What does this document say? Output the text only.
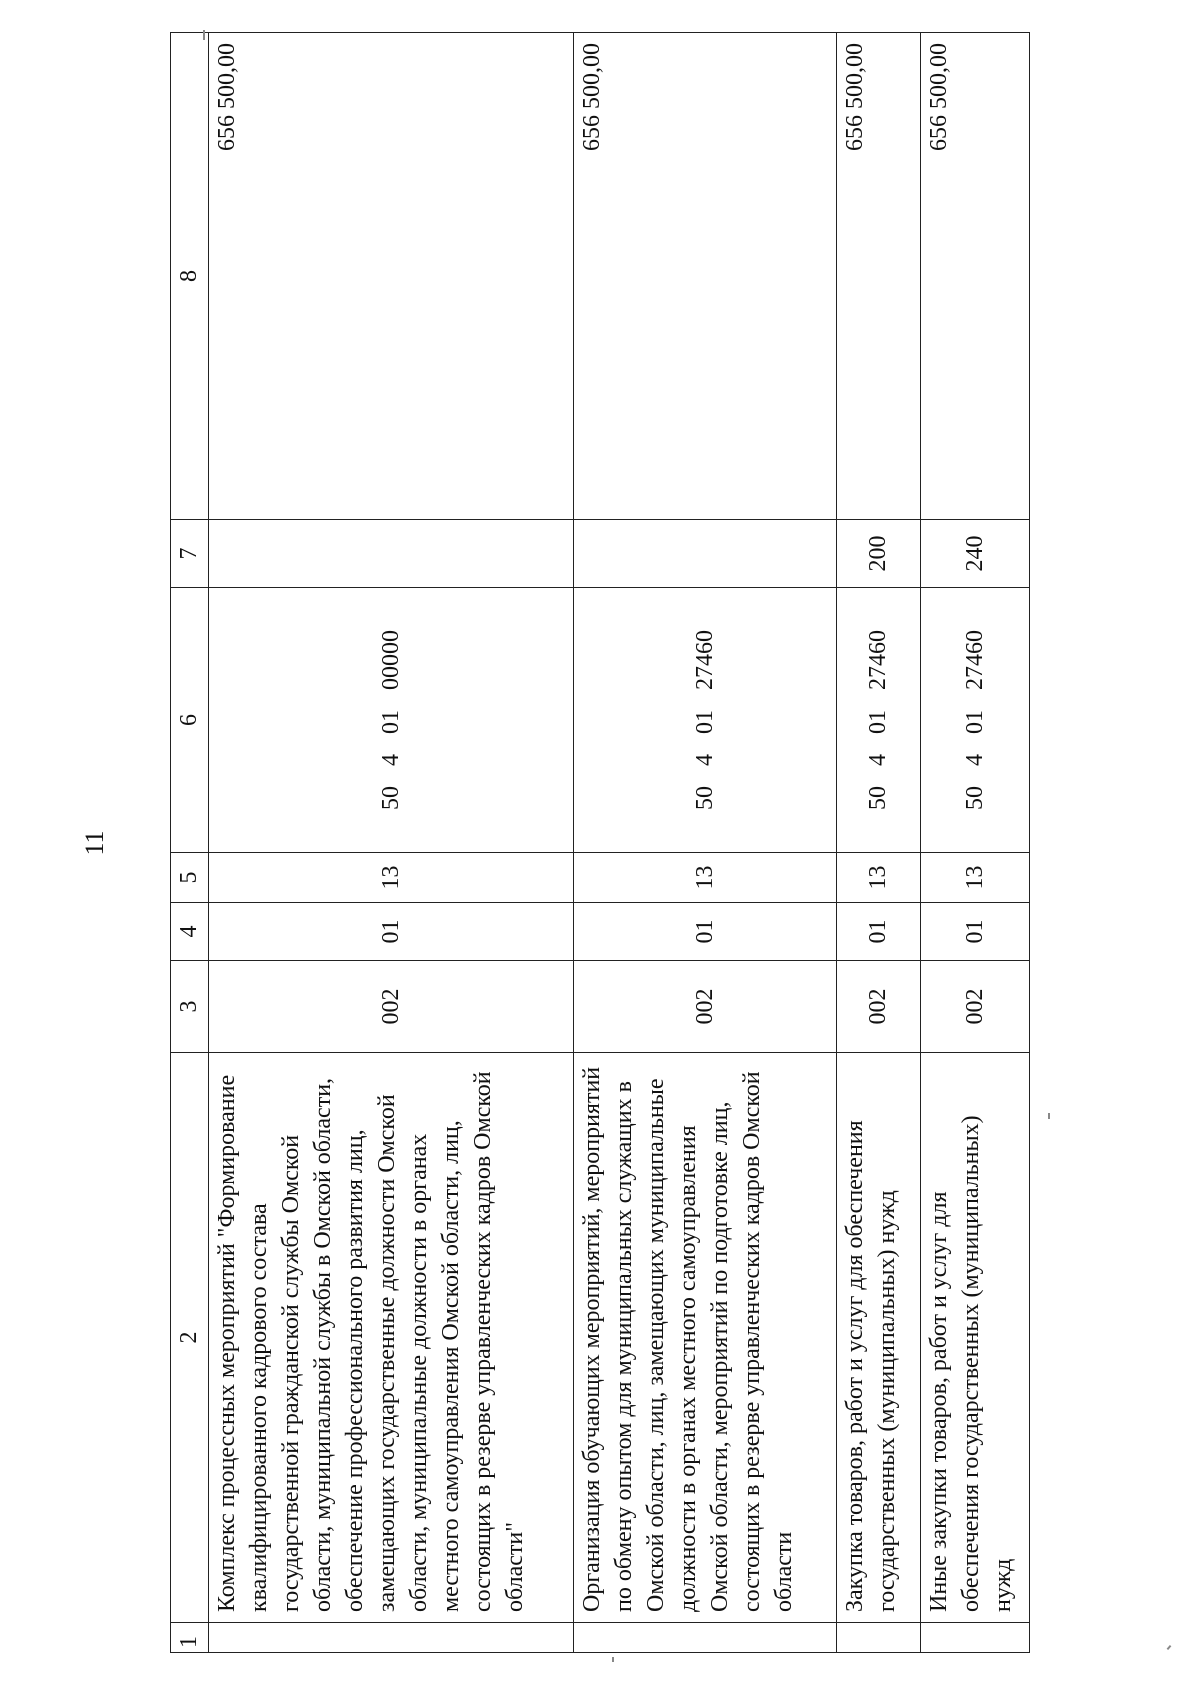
11
1	2	3	4	5	6	7	8
	Комплекс процессных мероприятий "Формирование квалифицированного кадрового состава государственной гражданской службы Омской области, муниципальной службы в Омской области, обеспечение профессионального развития лиц, замещающих государственные должности Омской области, муниципальные должности в органах местного самоуправления Омской области, лиц, состоящих в резерве управленческих кадров Омской области"	002	01	13	50 4 01 00000		656 500,00
	Организация обучающих мероприятий, мероприятий по обмену опытом для муниципальных служащих в Омской области, лиц, замещающих муниципальные должности в органах местного самоуправления Омской области, мероприятий по подготовке лиц, состоящих в резерве управленческих кадров Омской области	002	01	13	50 4 01 27460		656 500,00
	Закупка товаров, работ и услуг для обеспечения государственных (муниципальных) нужд	002	01	13	50 4 01 27460	200	656 500,00
	Иные закупки товаров, работ и услуг для обеспечения государственных (муниципальных) нужд	002	01	13	50 4 01 27460	240	656 500,00
